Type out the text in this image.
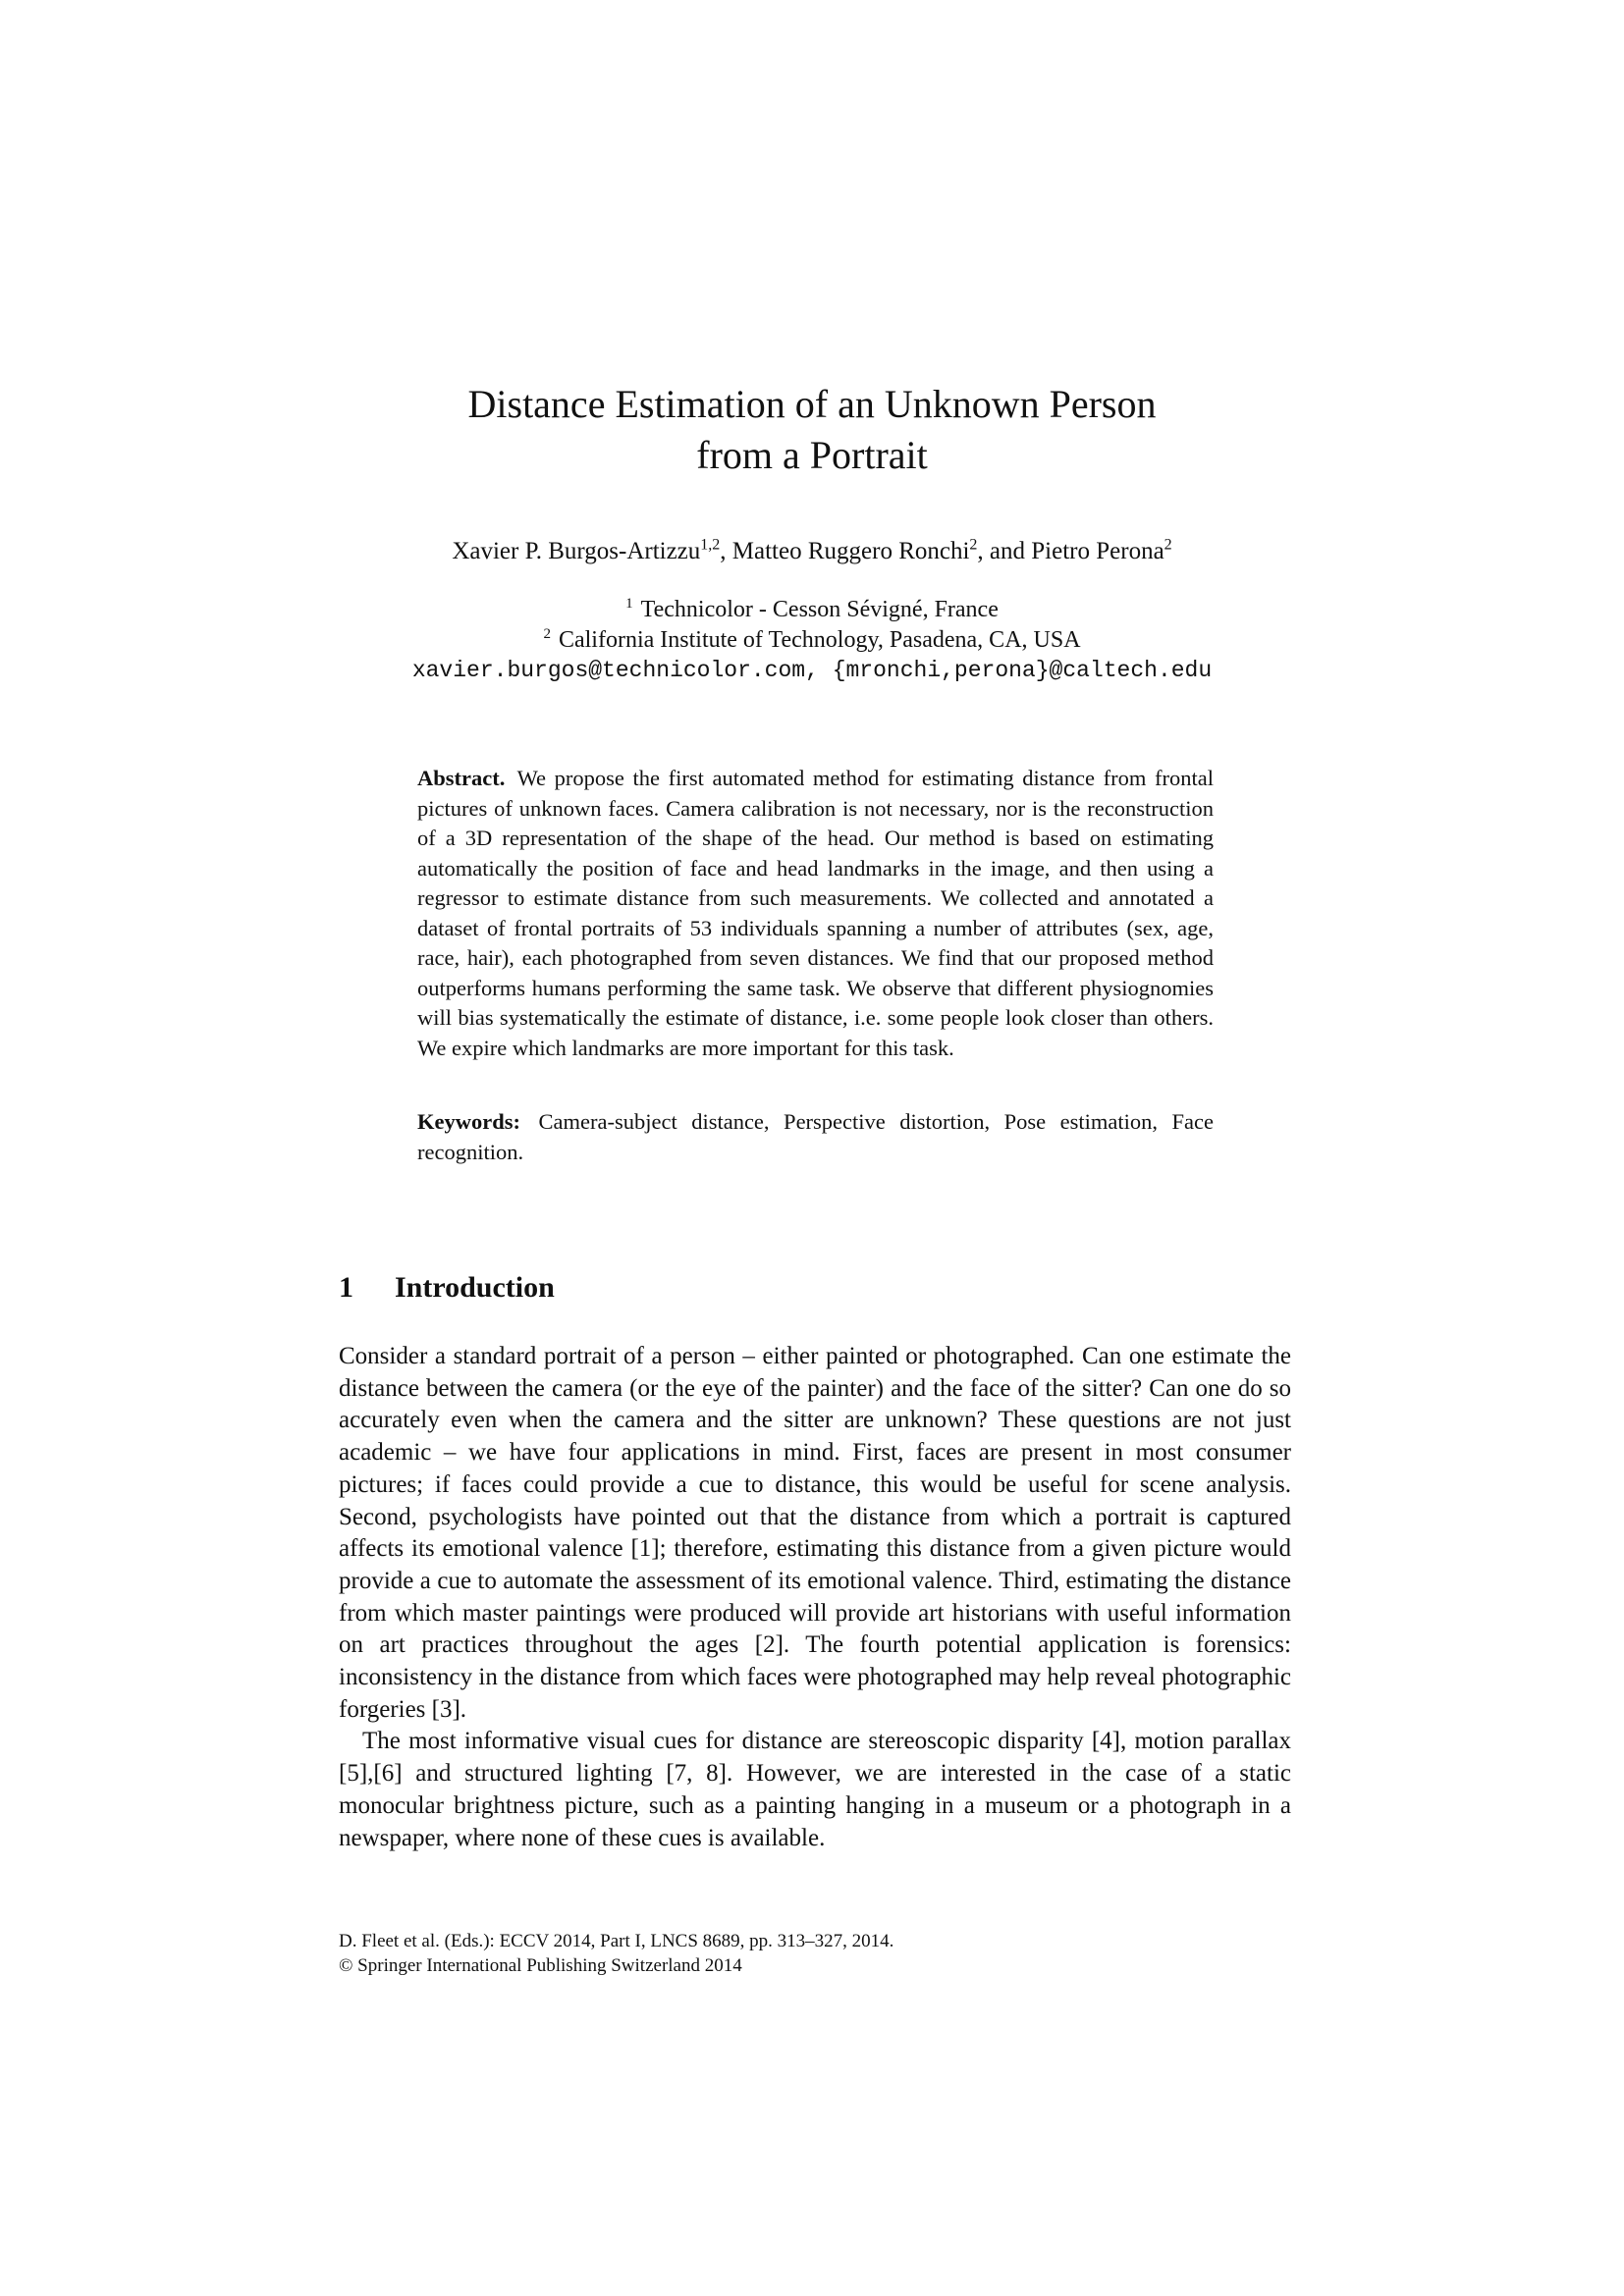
Distance Estimation of an Unknown Person
from a Portrait
Xavier P. Burgos-Artizzu$^{1,2}$, Matteo Ruggero Ronchi$^2$, and Pietro Perona$^2$
$^1$ Technicolor - Cesson Sévigné, France
$^2$ California Institute of Technology, Pasadena, CA, USA
xavier.burgos@technicolor.com, {mronchi,perona}@caltech.edu
Abstract. We propose the first automated method for estimating distance from frontal pictures of unknown faces. Camera calibration is not necessary, nor is the reconstruction of a 3D representation of the shape of the head. Our method is based on estimating automatically the position of face and head landmarks in the image, and then using a regressor to estimate distance from such measurements. We collected and annotated a dataset of frontal portraits of 53 individuals spanning a number of attributes (sex, age, race, hair), each photographed from seven distances. We find that our proposed method outperforms humans performing the same task. We observe that different physiognomies will bias systematically the estimate of distance, i.e. some people look closer than others. We expire which landmarks are more important for this task.
Keywords: Camera-subject distance, Perspective distortion, Pose estimation, Face recognition.
1 Introduction

Consider a standard portrait of a person – either painted or photographed. Can one estimate the distance between the camera (or the eye of the painter) and the face of the sitter? Can one do so accurately even when the camera and the sitter are unknown? These questions are not just academic – we have four applications in mind. First, faces are present in most consumer pictures; if faces could provide a cue to distance, this would be useful for scene analysis. Second, psychologists have pointed out that the distance from which a portrait is captured affects its emotional valence [1]; therefore, estimating this distance from a given picture would provide a cue to automate the assessment of its emotional valence. Third, estimating the distance from which master paintings were produced will provide art historians with useful information on art practices throughout the ages [2]. The fourth potential application is forensics: inconsistency in the distance from which faces were photographed may help reveal photographic forgeries [3].

The most informative visual cues for distance are stereoscopic disparity [4], motion parallax [5],[6] and structured lighting [7, 8]. However, we are interested in the case of a static monocular brightness picture, such as a painting hanging in a museum or a photograph in a newspaper, where none of these cues is available.

D. Fleet et al. (Eds.): ECCV 2014, Part I, LNCS 8689, pp. 313–327, 2014.
© Springer International Publishing Switzerland 2014
